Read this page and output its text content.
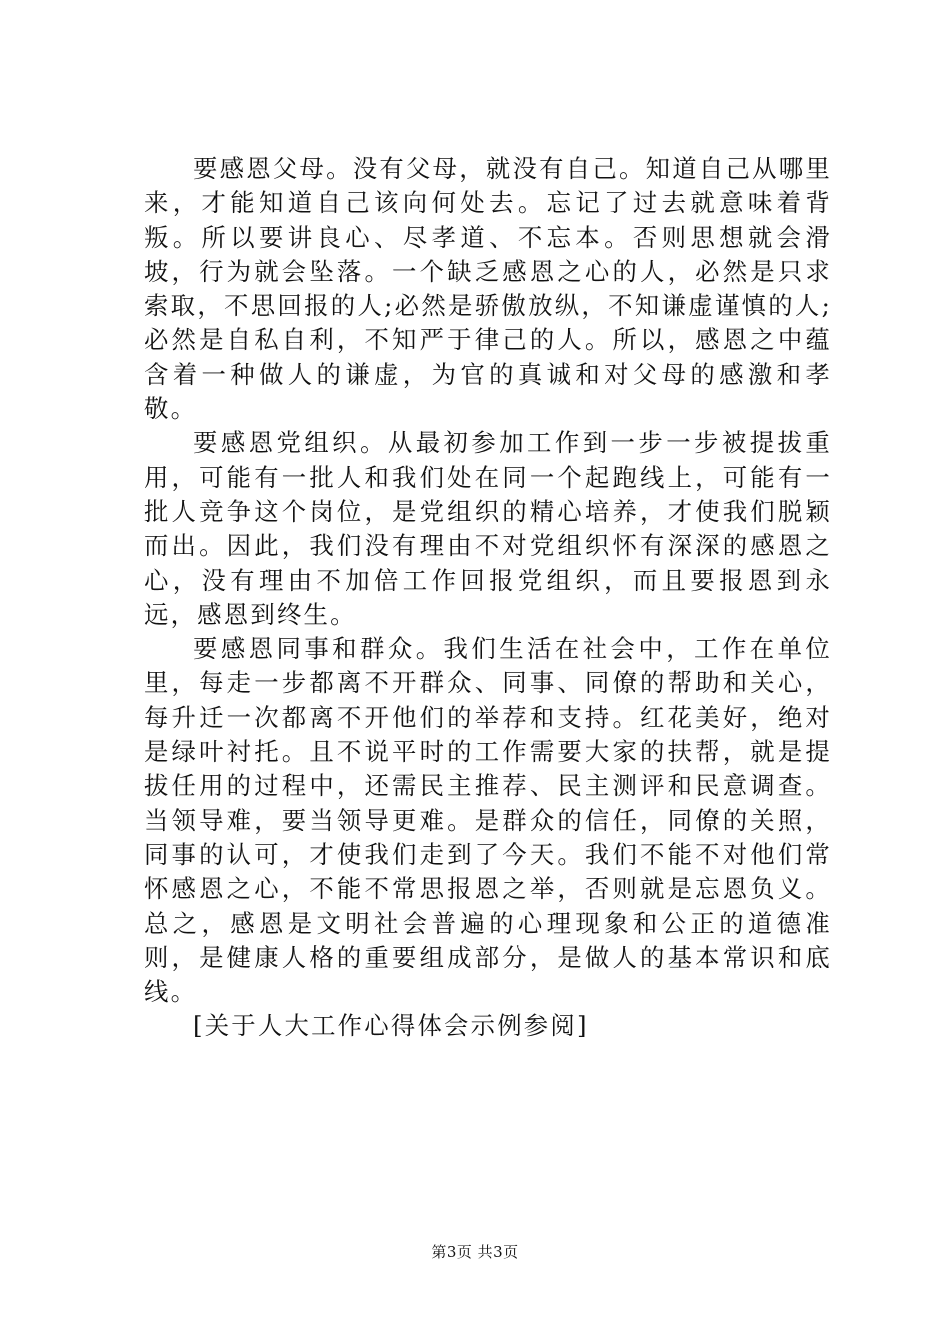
要感恩父母。没有父母，就没有自己。知道自己从哪里来，才能知道自己该向何处去。忘记了过去就意味着背叛。所以要讲良心、尽孝道、不忘本。否则思想就会滑坡，行为就会坠落。一个缺乏感恩之心的人，必然是只求索取，不思回报的人;必然是骄傲放纵，不知谦虚谨慎的人;必然是自私自利，不知严于律己的人。所以，感恩之中蕴含着一种做人的谦虚，为官的真诚和对父母的感激和孝敬。

要感恩党组织。从最初参加工作到一步一步被提拔重用，可能有一批人和我们处在同一个起跑线上，可能有一批人竞争这个岗位，是党组织的精心培养，才使我们脱颖而出。因此，我们没有理由不对党组织怀有深深的感恩之心，没有理由不加倍工作回报党组织，而且要报恩到永远，感恩到终生。

要感恩同事和群众。我们生活在社会中，工作在单位里，每走一步都离不开群众、同事、同僚的帮助和关心，每升迁一次都离不开他们的举荐和支持。红花美好，绝对是绿叶衬托。且不说平时的工作需要大家的扶帮，就是提拔任用的过程中，还需民主推荐、民主测评和民意调查。当领导难，要当领导更难。是群众的信任，同僚的关照，同事的认可，才使我们走到了今天。我们不能不对他们常怀感恩之心，不能不常思报恩之举，否则就是忘恩负义。总之，感恩是文明社会普遍的心理现象和公正的道德准则，是健康人格的重要组成部分，是做人的基本常识和底线。

[关于人大工作心得体会示例参阅]

第3页 共3页
